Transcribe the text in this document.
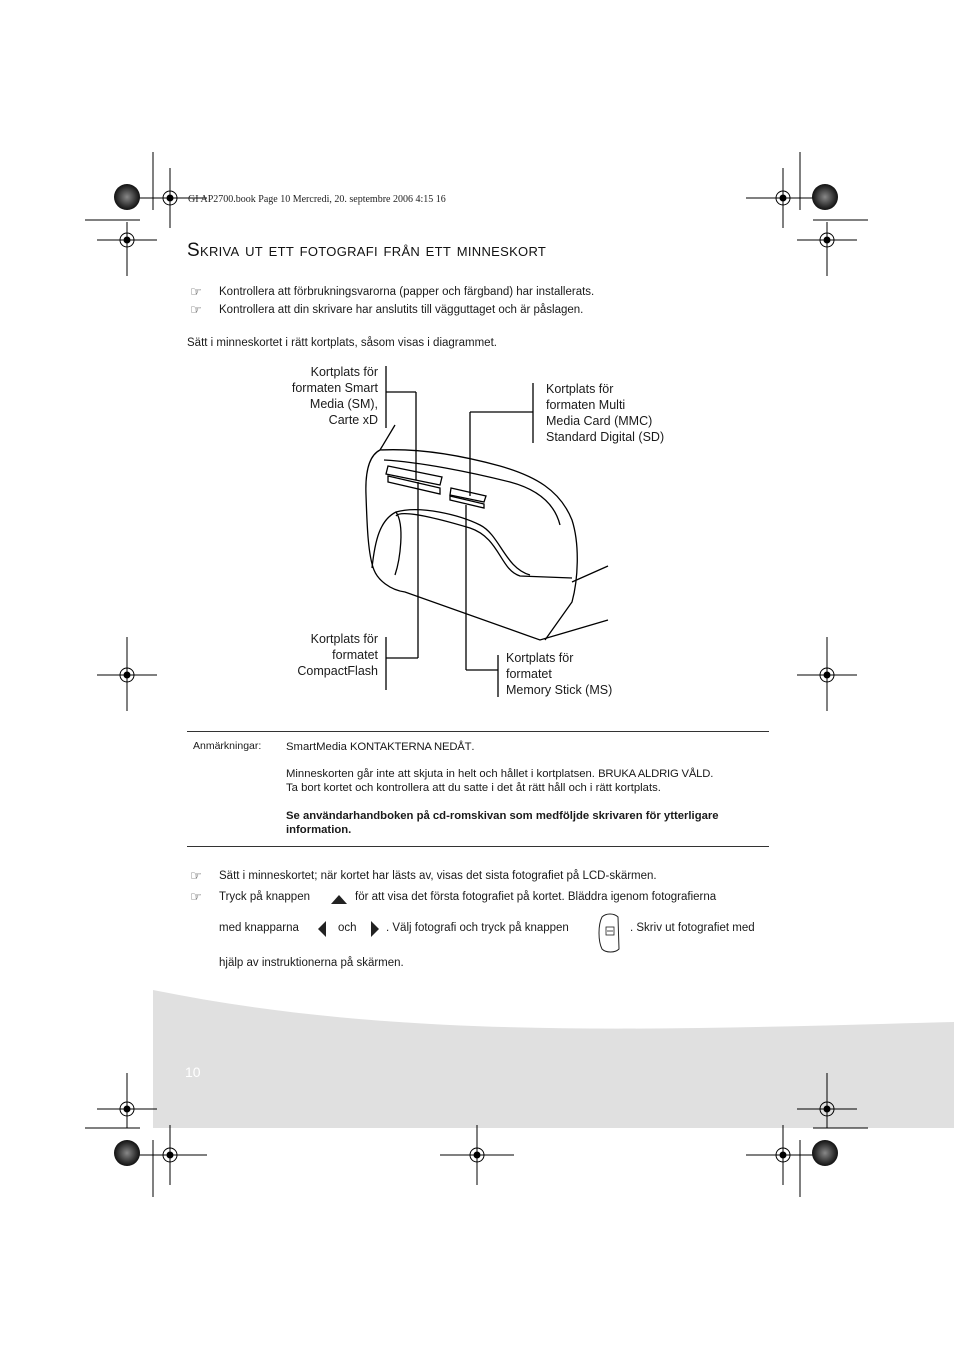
GI AP2700.book Page 10 Mercredi, 20. septembre 2006 4:15 16
Skriva ut ett fotografi från ett minneskort
☞	Kontrollera att förbrukningsvarorna (papper och färgband) har installerats.
☞	Kontrollera att din skrivare har anslutits till vägguttaget och är påslagen.
Sätt i minneskortet i rätt kortplats, såsom visas i diagrammet.
Kortplats för
formaten Smart
Media (SM),
Carte xD
Kortplats för
formaten Multi
Media Card (MMC)
Standard Digital (SD)
Kortplats för
formatet
CompactFlash
Kortplats för
formatet
Memory Stick (MS)
Anmärkningar: SmartMedia KONTAKTERNA NEDÅT.
Minneskorten går inte att skjuta in helt och hållet i kortplatsen. BRUKA ALDRIG VÅLD.
Ta bort kortet och kontrollera att du satte i det åt rätt håll och i rätt kortplats.
Se användarhandboken på cd-romskivan som medföljde skrivaren för ytterligare
information.
☞	Sätt i minneskortet; när kortet har lästs av, visas det sista fotografiet på LCD-skärmen.
☞	Tryck på knappen	för att visa det första fotografiet på kortet. Bläddra igenom fotografierna
med knapparna	och	. Välj fotografi och tryck på knappen	. Skriv ut fotografiet med
hjälp av instruktionerna på skärmen.
10
